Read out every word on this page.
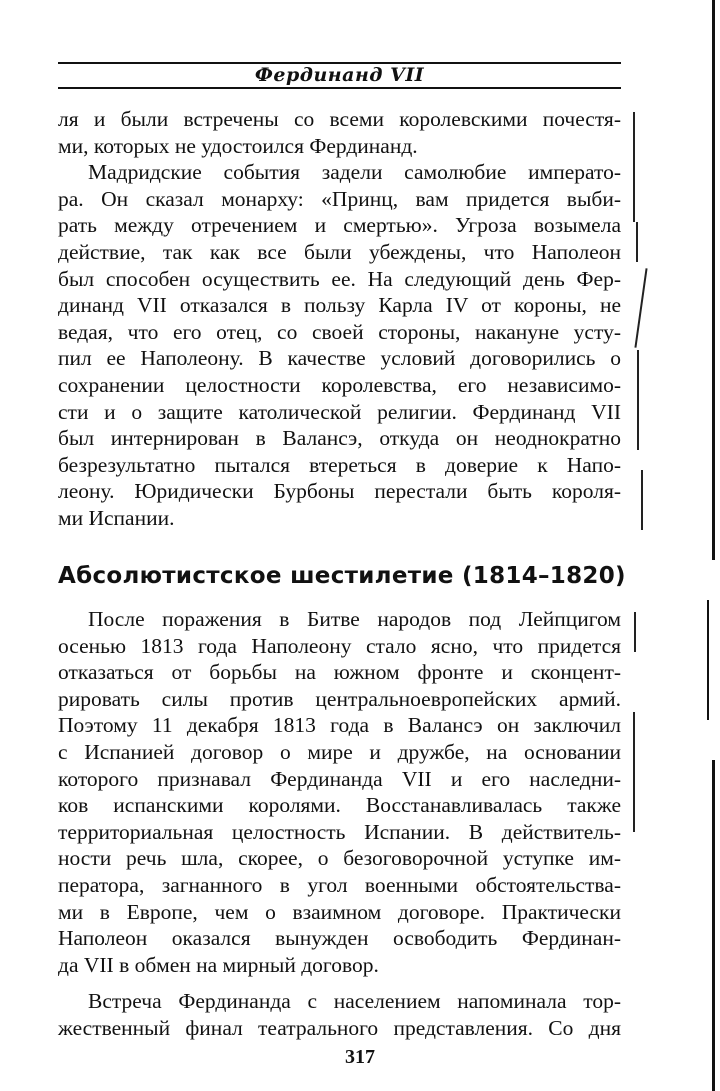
Фердинанд VII
ля и были встречены со всеми королевскими почестя-
ми, которых не удостоился Фердинанд.
Мадридские события задели самолюбие императо-
ра. Он сказал монарху: «Принц, вам придется выби-
рать между отречением и смертью». Угроза возымела
действие, так как все были убеждены, что Наполеон
был способен осуществить ее. На следующий день Фер-
динанд VII отказался в пользу Карла IV от короны, не
ведая, что его отец, со своей стороны, накануне усту-
пил ее Наполеону. В качестве условий договорились о
сохранении целостности королевства, его независимо-
сти и о защите католической религии. Фердинанд VII
был интернирован в Валансэ, откуда он неоднократно
безрезультатно пытался втереться в доверие к Напо-
леону. Юридически Бурбоны перестали быть короля-
ми Испании.
Абсолютистское шестилетие (1814–1820)
После поражения в Битве народов под Лейпцигом
осенью 1813 года Наполеону стало ясно, что придется
отказаться от борьбы на южном фронте и сконцент-
рировать силы против центральноевропейских армий.
Поэтому 11 декабря 1813 года в Валансэ он заключил
с Испанией договор о мире и дружбе, на основании
которого признавал Фердинанда VII и его наследни-
ков испанскими королями. Восстанавливалась также
территориальная целостность Испании. В действитель-
ности речь шла, скорее, о безоговорочной уступке им-
ператора, загнанного в угол военными обстоятельства-
ми в Европе, чем о взаимном договоре. Практически
Наполеон оказался вынужден освободить Фердинан-
да VII в обмен на мирный договор.
Встреча Фердинанда с населением напоминала тор-
жественный финал театрального представления. Со дня
317
